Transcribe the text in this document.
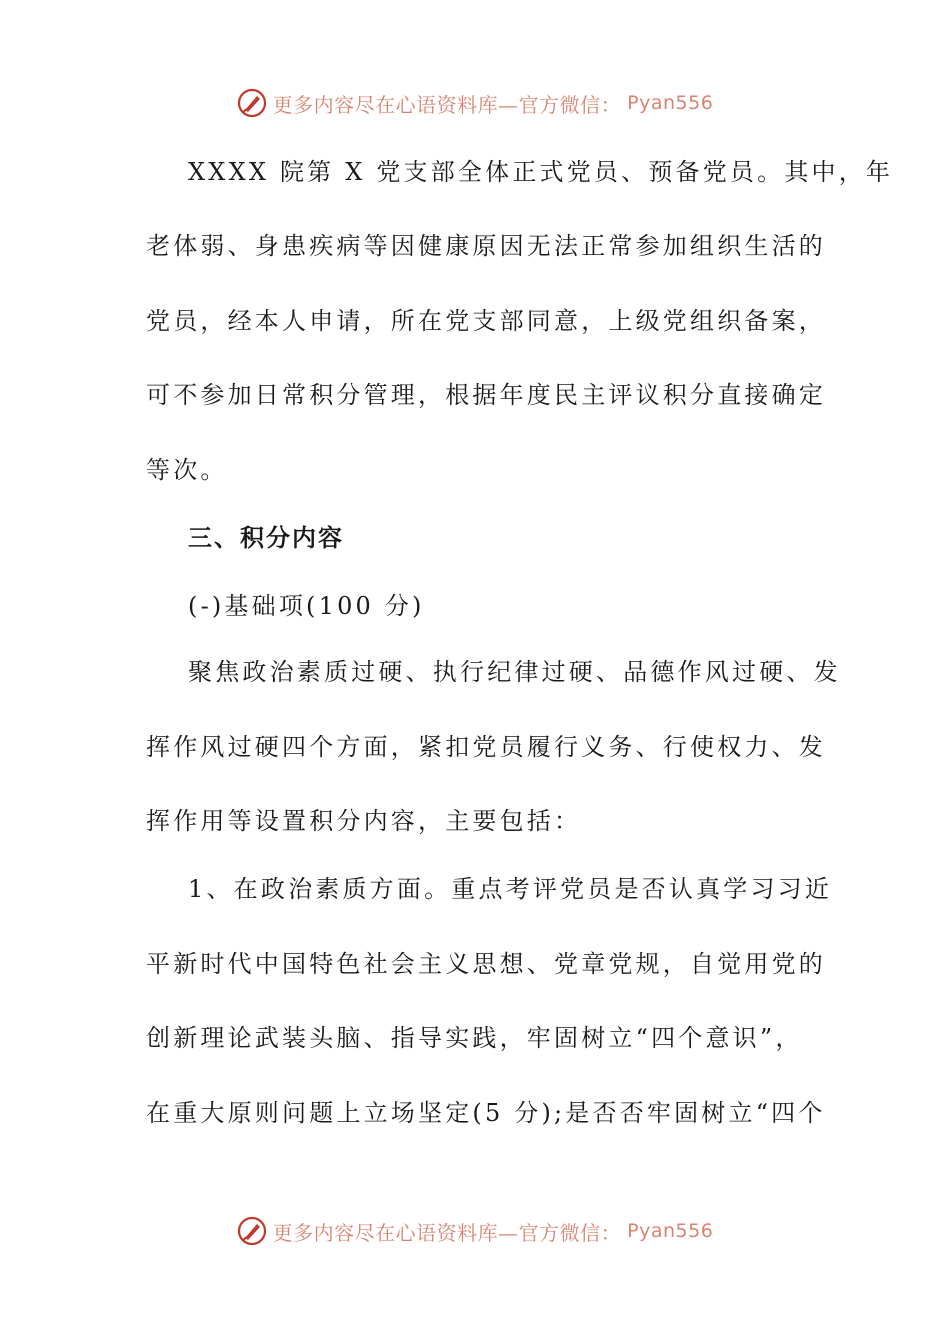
更多内容尽在心语资料库—官方微信： Pyan556
XXXX 院第 X 党支部全体正式党员、预备党员。其中，年
老体弱、身患疾病等因健康原因无法正常参加组织生活的
党员，经本人申请，所在党支部同意，上级党组织备案，
可不参加日常积分管理，根据年度民主评议积分直接确定
等次。
三、积分内容
(-)基础项(100 分)
聚焦政治素质过硬、执行纪律过硬、品德作风过硬、发
挥作风过硬四个方面，紧扣党员履行义务、行使权力、发
挥作用等设置积分内容，主要包括：
1、在政治素质方面。重点考评党员是否认真学习习近
平新时代中国特色社会主义思想、党章党规，自觉用党的
创新理论武装头脑、指导实践，牢固树立“四个意识”，
在重大原则问题上立场坚定(5 分);是否否牢固树立“四个
更多内容尽在心语资料库—官方微信： Pyan556
